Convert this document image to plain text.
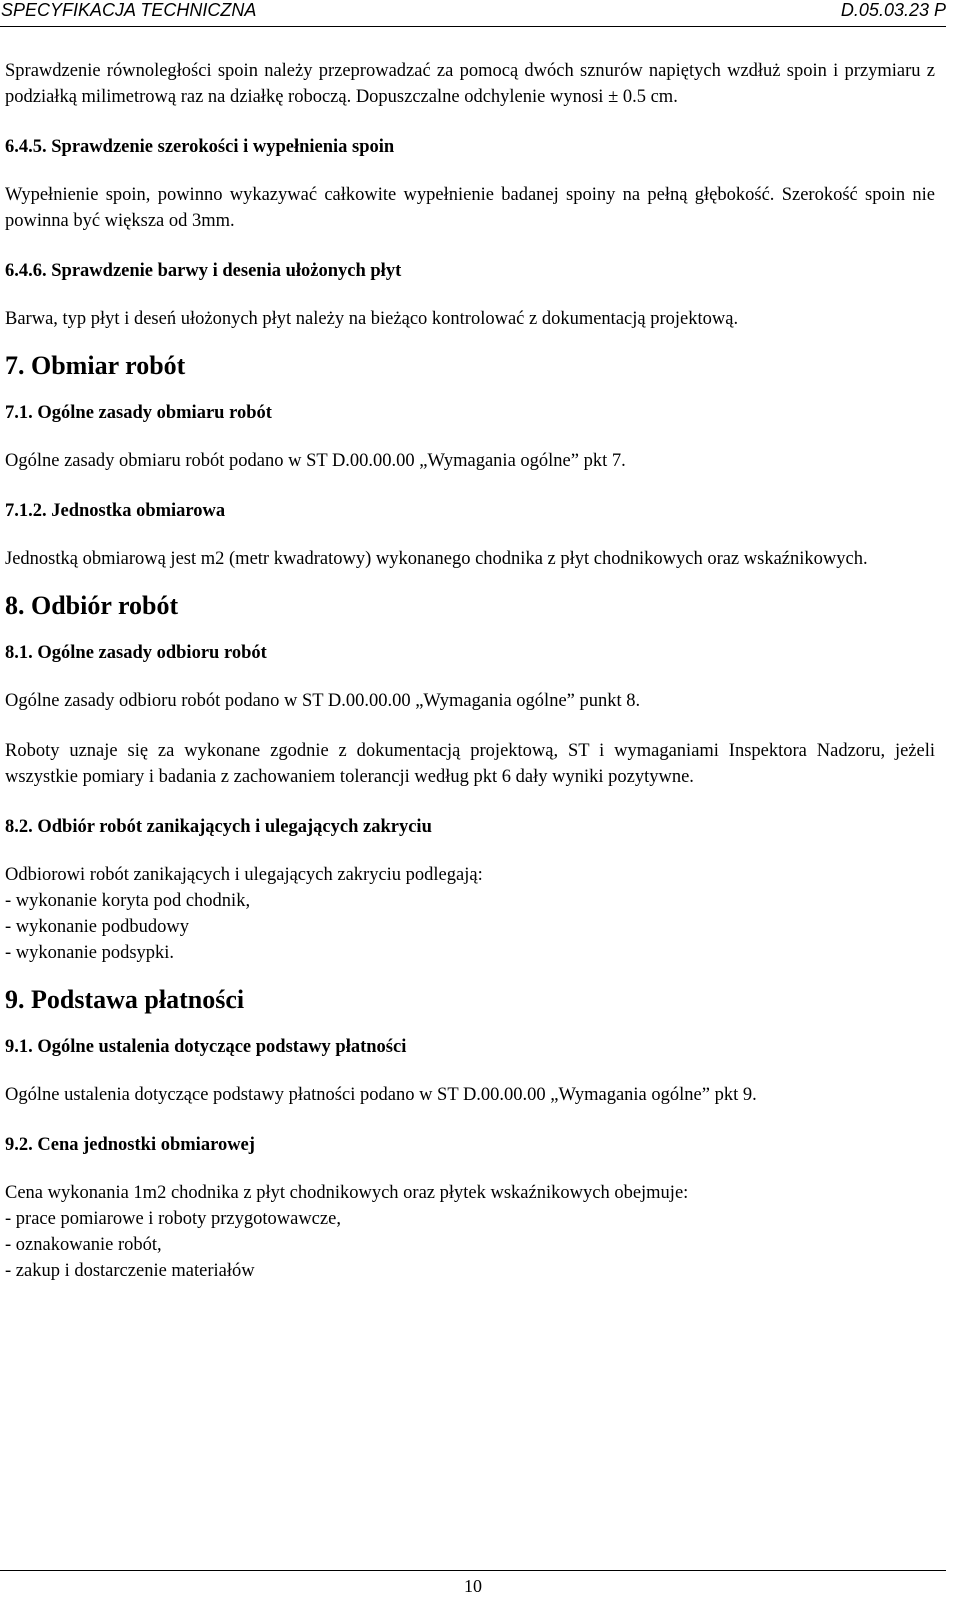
SPECYFIKACJA TECHNICZNA	D.05.03.23 P

Sprawdzenie równoległości spoin należy przeprowadzać za pomocą dwóch sznurów napiętych wzdłuż spoin i przymiaru z podziałką milimetrową raz na działkę roboczą. Dopuszczalne odchylenie wynosi ± 0.5 cm.

6.4.5. Sprawdzenie szerokości i wypełnienia spoin

Wypełnienie spoin, powinno wykazywać całkowite wypełnienie badanej spoiny na pełną głębokość. Szerokość spoin nie powinna być większa od 3mm.

6.4.6. Sprawdzenie barwy i desenia ułożonych płyt

Barwa, typ płyt i deseń ułożonych płyt należy na bieżąco kontrolować z dokumentacją projektową.

7. Obmiar robót
7.1. Ogólne zasady obmiaru robót

Ogólne zasady obmiaru robót podano w ST D.00.00.00 „Wymagania ogólne” pkt 7.

7.1.2. Jednostka obmiarowa

Jednostką obmiarową jest m2 (metr kwadratowy) wykonanego chodnika z płyt chodnikowych oraz wskaźnikowych.

8. Odbiór robót
8.1. Ogólne zasady odbioru robót

Ogólne zasady odbioru robót podano w ST D.00.00.00 „Wymagania ogólne” punkt 8.

Roboty uznaje się za wykonane zgodnie z dokumentacją projektową, ST i wymaganiami Inspektora Nadzoru, jeżeli wszystkie pomiary i badania z zachowaniem tolerancji według pkt 6 dały wyniki pozytywne.

8.2. Odbiór robót zanikających i ulegających zakryciu

Odbiorowi robót zanikających i ulegających zakryciu podlegają:

- wykonanie koryta pod chodnik,

- wykonanie podbudowy

- wykonanie podsypki.

9. Podstawa płatności
9.1. Ogólne ustalenia dotyczące podstawy płatności

Ogólne ustalenia dotyczące podstawy płatności podano w ST D.00.00.00 „Wymagania ogólne” pkt 9.

9.2. Cena jednostki obmiarowej

Cena wykonania 1m2 chodnika z płyt chodnikowych oraz płytek wskaźnikowych obejmuje:

- prace pomiarowe i roboty przygotowawcze,

- oznakowanie robót,

- zakup i dostarczenie materiałów

10
